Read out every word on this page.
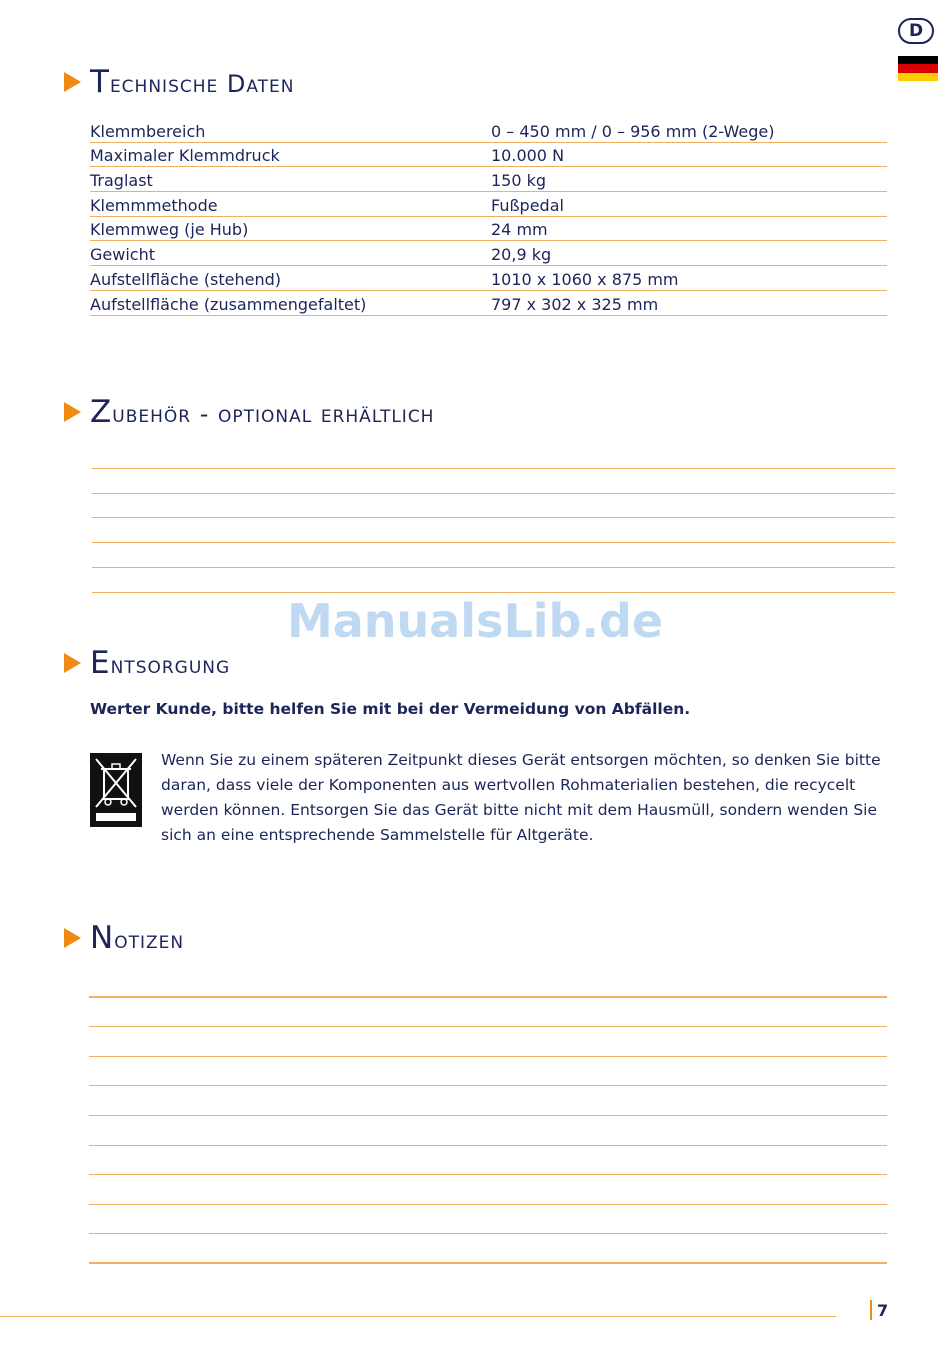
D
Technische Daten
Klemmbereich	0 – 450 mm / 0 – 956 mm (2-Wege)
Maximaler Klemmdruck	10.000 N
Traglast	150 kg
Klemmmethode	Fußpedal
Klemmweg (je Hub)	24 mm
Gewicht	20,9 kg
Aufstellfläche (stehend)	1010 x 1060 x 875 mm
Aufstellfläche (zusammengefaltet)	797 x 302 x 325 mm
Zubehör - optional erhältlich
ManualsLib.de
Entsorgung
Werter Kunde, bitte helfen Sie mit bei der Vermeidung von Abfällen.
Wenn Sie zu einem späteren Zeitpunkt dieses Gerät entsorgen möchten, so denken Sie bitte daran, dass viele der Komponenten aus wertvollen Rohmaterialien bestehen, die recycelt werden können. Entsorgen Sie das Gerät bitte nicht mit dem Hausmüll, sondern wenden Sie sich an eine entsprechende Sammelstelle für Altgeräte.
Notizen
7
